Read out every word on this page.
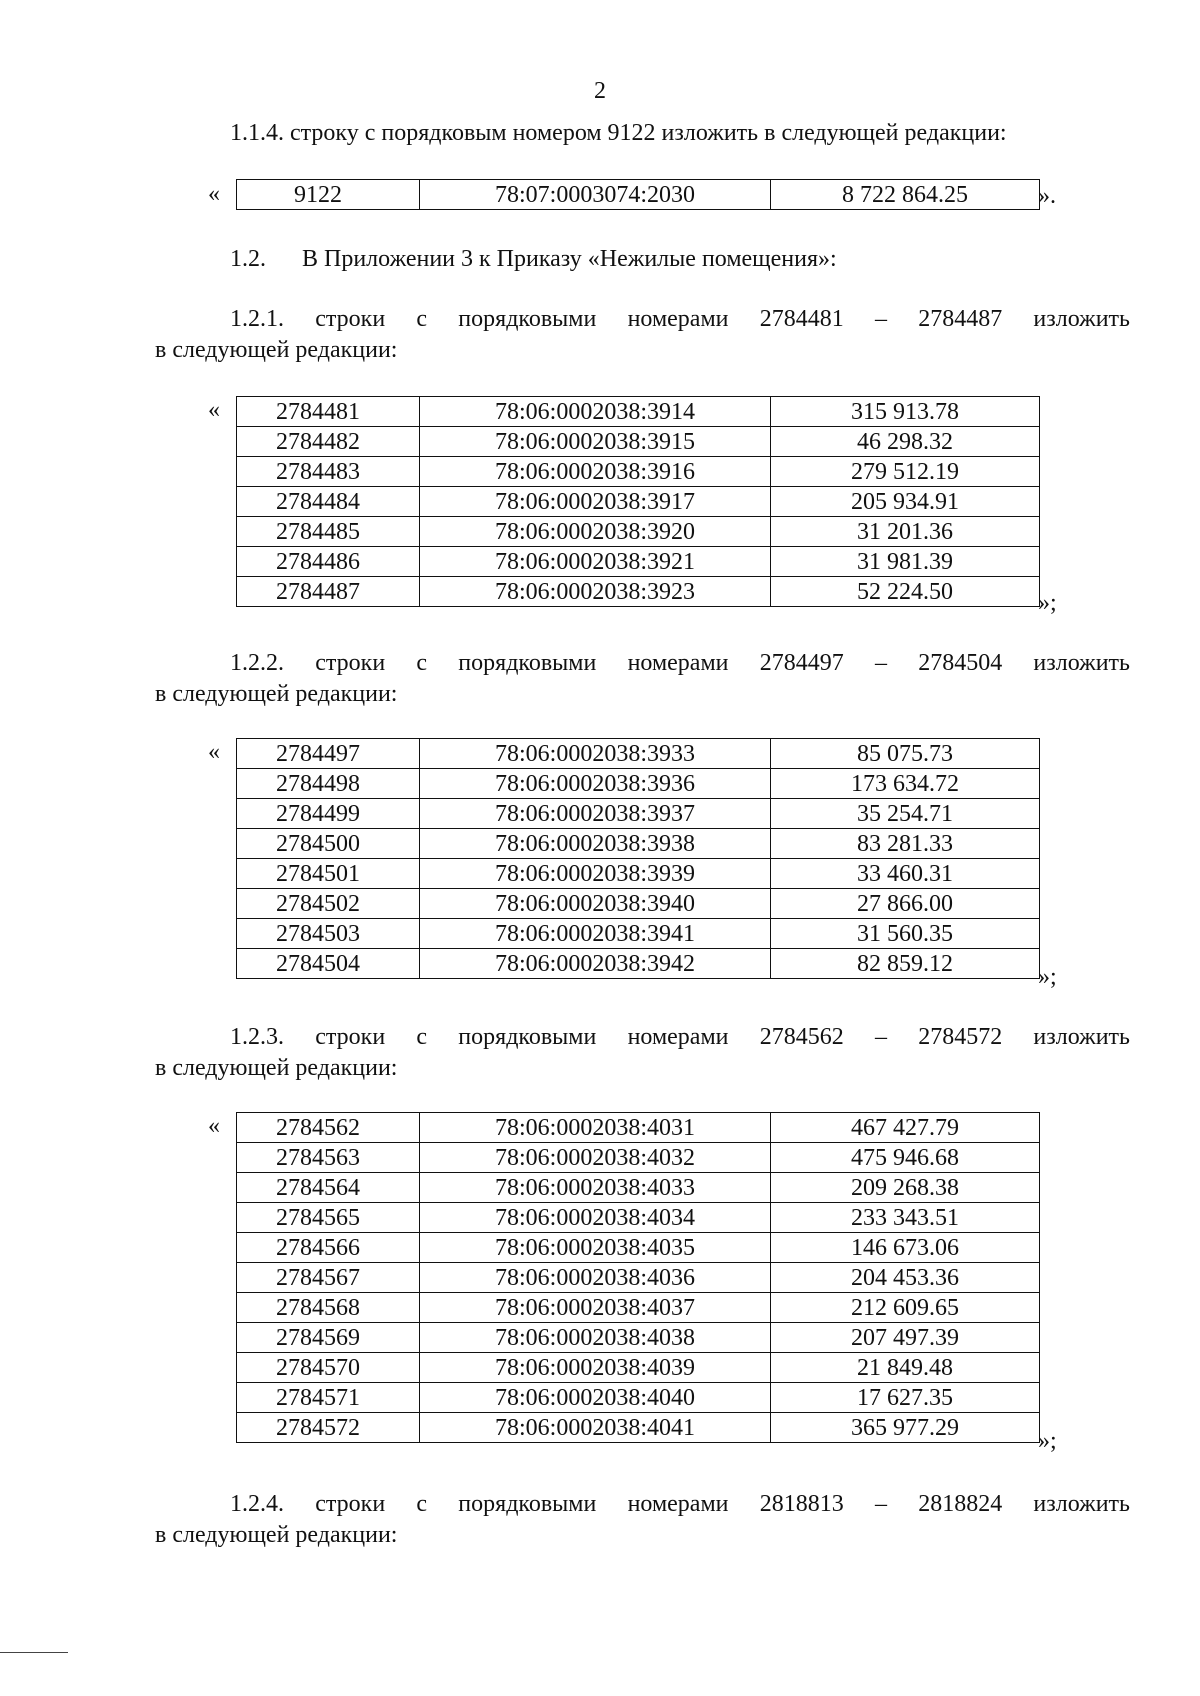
2
1.1.4. строку с порядковым номером 9122 изложить в следующей редакции:
«	9122	78:07:0003074:2030	8 722 864.25	».
1.2. В Приложении 3 к Приказу «Нежилые помещения»:
1.2.1. строки с порядковыми номерами 2784481 – 2784487 изложить
в следующей редакции:
« 2784481	78:06:0002038:3914	315 913.78
2784482	78:06:0002038:3915	46 298.32
2784483	78:06:0002038:3916	279 512.19
2784484	78:06:0002038:3917	205 934.91
2784485	78:06:0002038:3920	31 201.36
2784486	78:06:0002038:3921	31 981.39
2784487	78:06:0002038:3923	52 224.50	»;
1.2.2. строки с порядковыми номерами 2784497 – 2784504 изложить
в следующей редакции:
« 2784497	78:06:0002038:3933	85 075.73
2784498	78:06:0002038:3936	173 634.72
2784499	78:06:0002038:3937	35 254.71
2784500	78:06:0002038:3938	83 281.33
2784501	78:06:0002038:3939	33 460.31
2784502	78:06:0002038:3940	27 866.00
2784503	78:06:0002038:3941	31 560.35
2784504	78:06:0002038:3942	82 859.12
»;
1.2.3. строки с порядковыми номерами 2784562 – 2784572 изложить
в следующей редакции:
« 2784562	78:06:0002038:4031	467 427.79
2784563	78:06:0002038:4032	475 946.68
2784564	78:06:0002038:4033	209 268.38
2784565	78:06:0002038:4034	233 343.51
2784566	78:06:0002038:4035	146 673.06
2784567	78:06:0002038:4036	204 453.36
2784568	78:06:0002038:4037	212 609.65
2784569	78:06:0002038:4038	207 497.39
2784570	78:06:0002038:4039	21 849.48
2784571	78:06:0002038:4040	17 627.35
2784572	78:06:0002038:4041	365 977.29
»;
1.2.4. строки с порядковыми номерами 2818813 – 2818824 изложить
в следующей редакции:
